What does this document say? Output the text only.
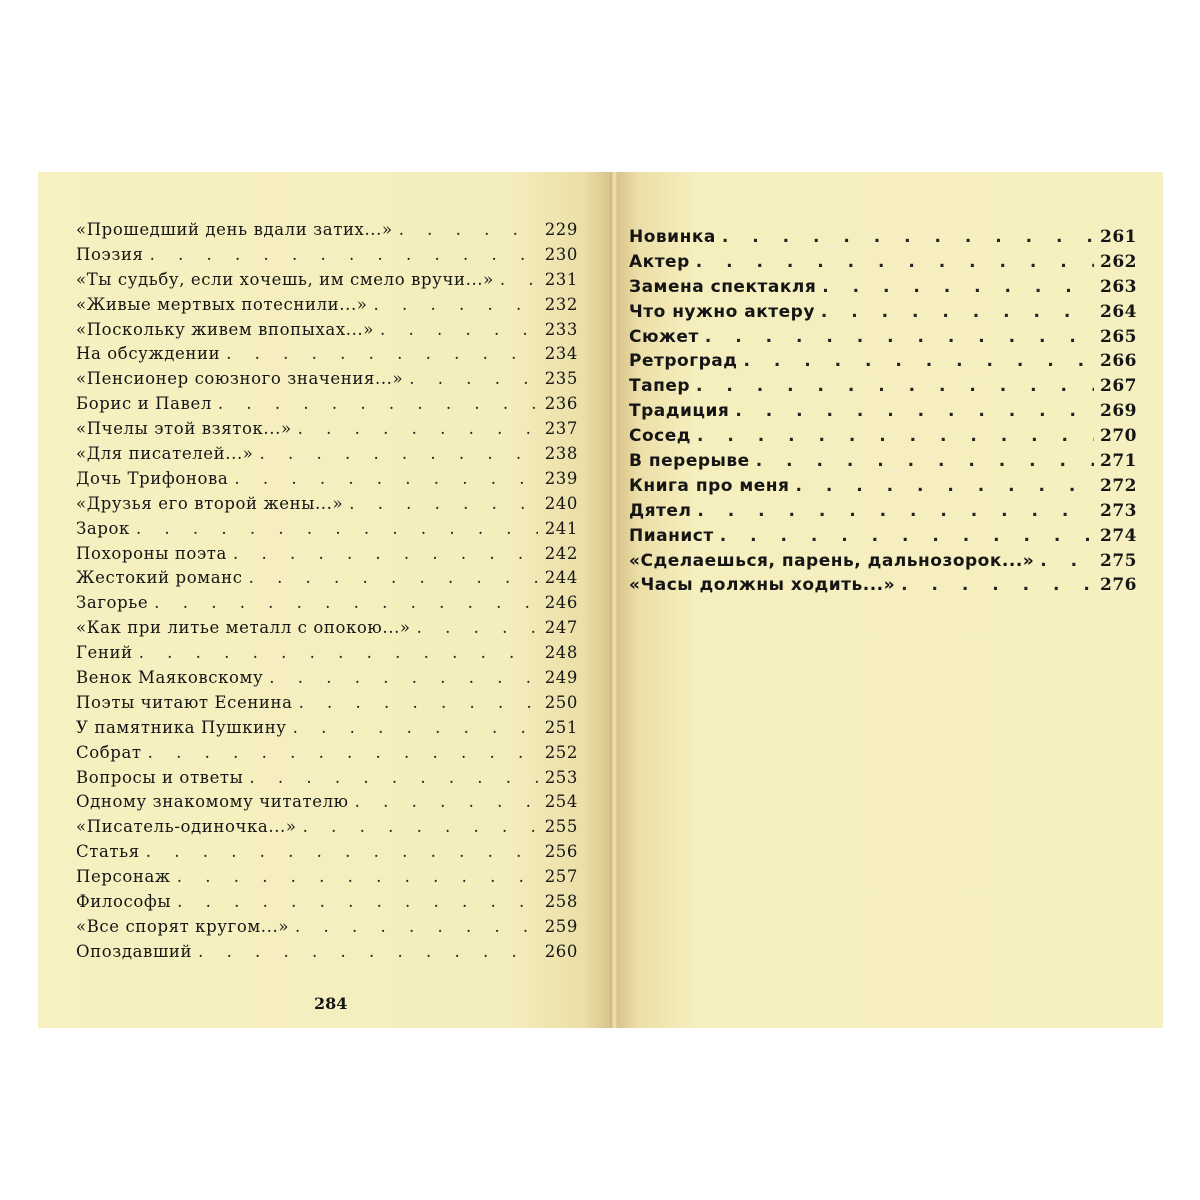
«Прошедший день вдали затих...» . . .	229
Поэзия . . .	230
«Ты судьбу, если хочешь, им смело вручи...» . . .	231
«Живые мертвых потеснили...» . . .	232
«Поскольку живем впопыхах...» . . .	233
На обсуждении . . .	234
«Пенсионер союзного значения...» . . .	235
Борис и Павел . . .	236
«Пчелы этой взяток...» . . .	237
«Для писателей...» . . .	238
Дочь Трифонова . . .	239
«Друзья его второй жены...» . . .	240
Зарок . . .	241
Похороны поэта . . .	242
Жестокий романс . . .	244
Загорье . . .	246
«Как при литье металл с опокою...» . . .	247
Гений . . .	248
Венок Маяковскому . . .	249
Поэты читают Есенина . . .	250
У памятника Пушкину . . .	251
Собрат . . .	252
Вопросы и ответы . . .	253
Одному знакомому читателю . . .	254
«Писатель-одиночка...» . . .	255
Статья . . .	256
Персонаж . . .	257
Философы . . .	258
«Все спорят кругом...» . . .	259
Опоздавший . . .	260
284
Новинка . . .	261
Актер . . .	262
Замена спектакля . . .	263
Что нужно актеру . . .	264
Сюжет . . .	265
Ретроград . . .	266
Тапер . . .	267
Традиция . . .	269
Сосед . . .	270
В перерыве . . .	271
Книга про меня . . .	272
Дятел . . .	273
Пианист . . .	274
«Сделаешься, парень, дальнозорок...» . . .	275
«Часы должны ходить...» . . .	276
